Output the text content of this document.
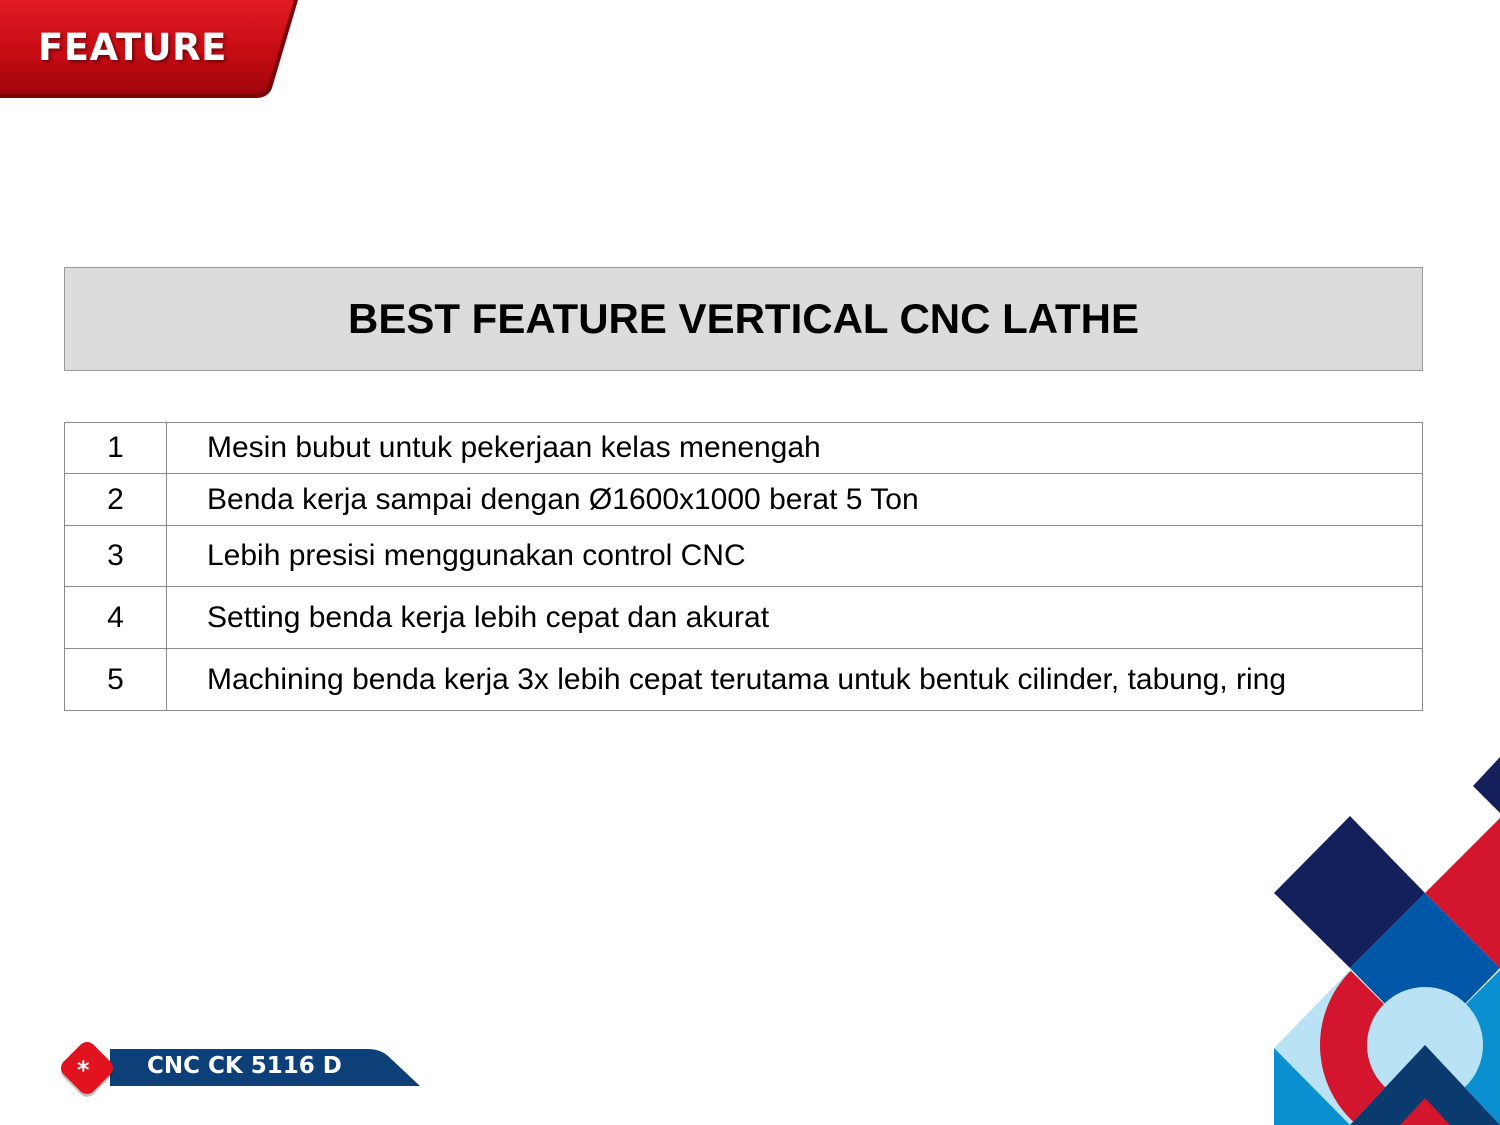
FEATURE
BEST FEATURE VERTICAL CNC LATHE
1	Mesin bubut untuk pekerjaan kelas menengah
2	Benda kerja sampai dengan Ø1600x1000 berat 5 Ton
3	Lebih presisi menggunakan control CNC
4	Setting benda kerja lebih cepat dan akurat
5	Machining benda kerja 3x lebih cepat terutama untuk bentuk cilinder, tabung, ring
* CNC CK 5116 D
